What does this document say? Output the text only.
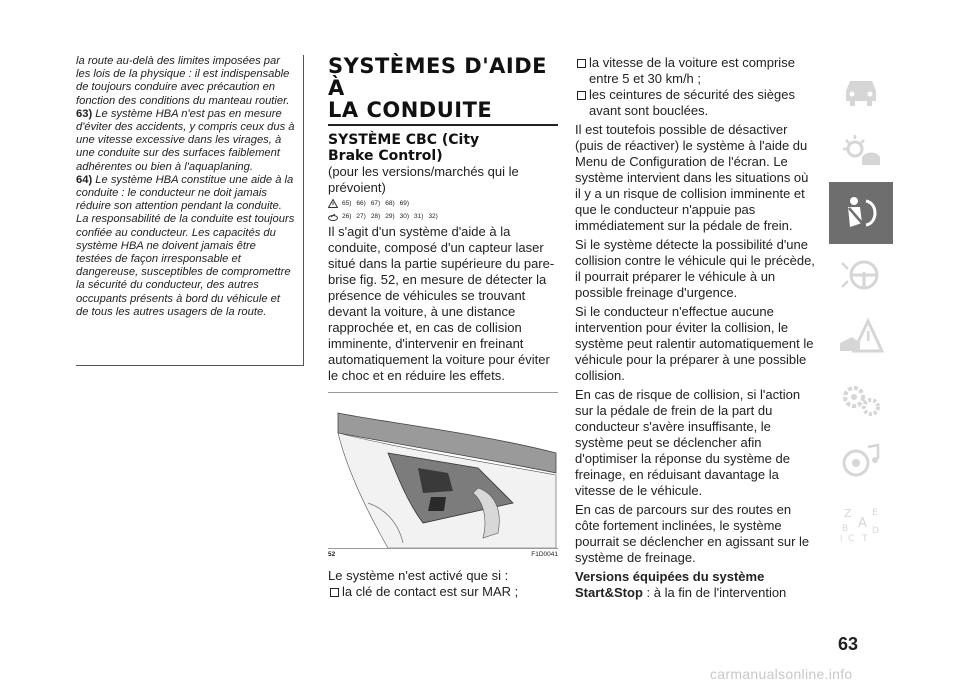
la route au-delà des limites imposées par les lois de la physique : il est indispensable de toujours conduire avec précaution en fonction des conditions du manteau routier.

63) Le système HBA n'est pas en mesure d'éviter des accidents, y compris ceux dus à une vitesse excessive dans les virages, à une conduite sur des surfaces faiblement adhérentes ou bien à l'aquaplaning.

64) Le système HBA constitue une aide à la conduite : le conducteur ne doit jamais réduire son attention pendant la conduite. La responsabilité de la conduite est toujours confiée au conducteur. Les capacités du système HBA ne doivent jamais être testées de façon irresponsable et dangereuse, susceptibles de compromettre la sécurité du conducteur, des autres occupants présents à bord du véhicule et de tous les autres usagers de la route.

SYSTÈMES D'AIDE À
LA CONDUITE
SYSTÈME CBC (City
Brake Control)

(pour les versions/marchés qui le prévoient)

65) 66) 67) 68) 69)
26) 27) 28) 29) 30) 31) 32)

Il s'agit d'un système d'aide à la conduite, composé d'un capteur laser situé dans la partie supérieure du pare-brise fig. 52, en mesure de détecter la présence de véhicules se trouvant devant la voiture, à une distance rapprochée et, en cas de collision imminente, d'intervenir en freinant automatiquement la voiture pour éviter le choc et en réduire les effets.

52	F1D0041

Le système n'est activé que si :

la clé de contact est sur MAR ;
la vitesse de la voiture est comprise entre 5 et 30 km/h ;
les ceintures de sécurité des sièges avant sont bouclées.

Il est toutefois possible de désactiver (puis de réactiver) le système à l'aide du Menu de Configuration de l'écran. Le système intervient dans les situations où il y a un risque de collision imminente et que le conducteur n'appuie pas immédiatement sur la pédale de frein.

Si le système détecte la possibilité d'une collision contre le véhicule qui le précède, il pourrait préparer le véhicule à un possible freinage d'urgence.

Si le conducteur n'effectue aucune intervention pour éviter la collision, le système peut ralentir automatiquement le véhicule pour la préparer à une possible collision.

En cas de risque de collision, si l'action sur la pédale de frein de la part du conducteur s'avère insuffisante, le système peut se déclencher afin d'optimiser la réponse du système de freinage, en réduisant davantage la vitesse de le véhicule.

En cas de parcours sur des routes en côte fortement inclinées, le système pourrait se déclencher en agissant sur le système de freinage.

Versions équipées du système Start&Stop : à la fin de l'intervention

Z E
A
B
C
D
T
I
63
carmanualsonline.info
